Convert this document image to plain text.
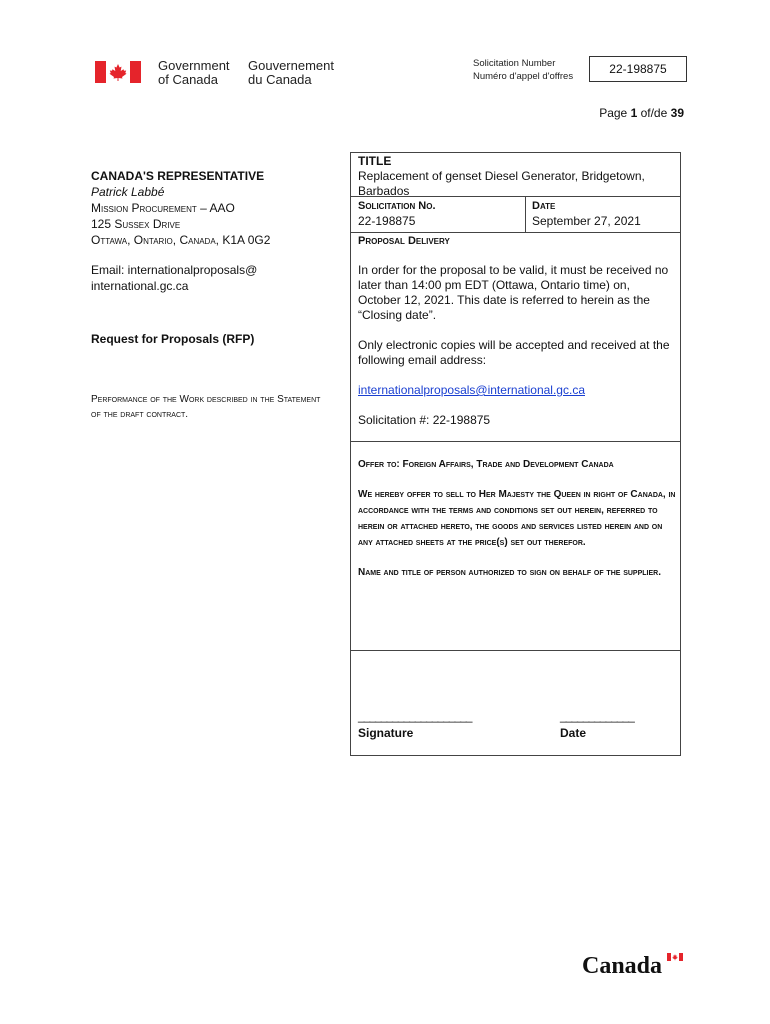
Government
of Canada
Gouvernement
du Canada
Solicitation Number
Numéro d'appel d'offres
22-198875
Page 1 of/de 39
CANADA'S REPRESENTATIVE
Patrick Labbé
Mission Procurement – AAO
125 Sussex Drive
Ottawa, Ontario, Canada, K1A 0G2
Email: internationalproposals@
international.gc.ca
Request for Proposals (RFP)
Performance of the Work described in the Statement of the draft contract.
TITLE
Replacement of genset Diesel Generator, Bridgetown, Barbados
Solicitation No.
22-198875
Date
September 27, 2021
Proposal Delivery
In order for the proposal to be valid, it must be received no later than 14:00 pm EDT (Ottawa, Ontario time) on, October 12, 2021. This date is referred to herein as the “Closing date”.
Only electronic copies will be accepted and received at the following email address:
internationalproposals@international.gc.ca
Solicitation #: 22-198875
Offer to: Foreign Affairs, Trade and Development Canada
We hereby offer to sell to Her Majesty the Queen in right of Canada, in accordance with the terms and conditions set out herein, referred to herein or attached hereto, the goods and services listed herein and on any attached sheets at the price(s) set out therefor.
Name and title of person authorized to sign on behalf of the supplier.
____________________	_____________
Signature	Date
Canada
